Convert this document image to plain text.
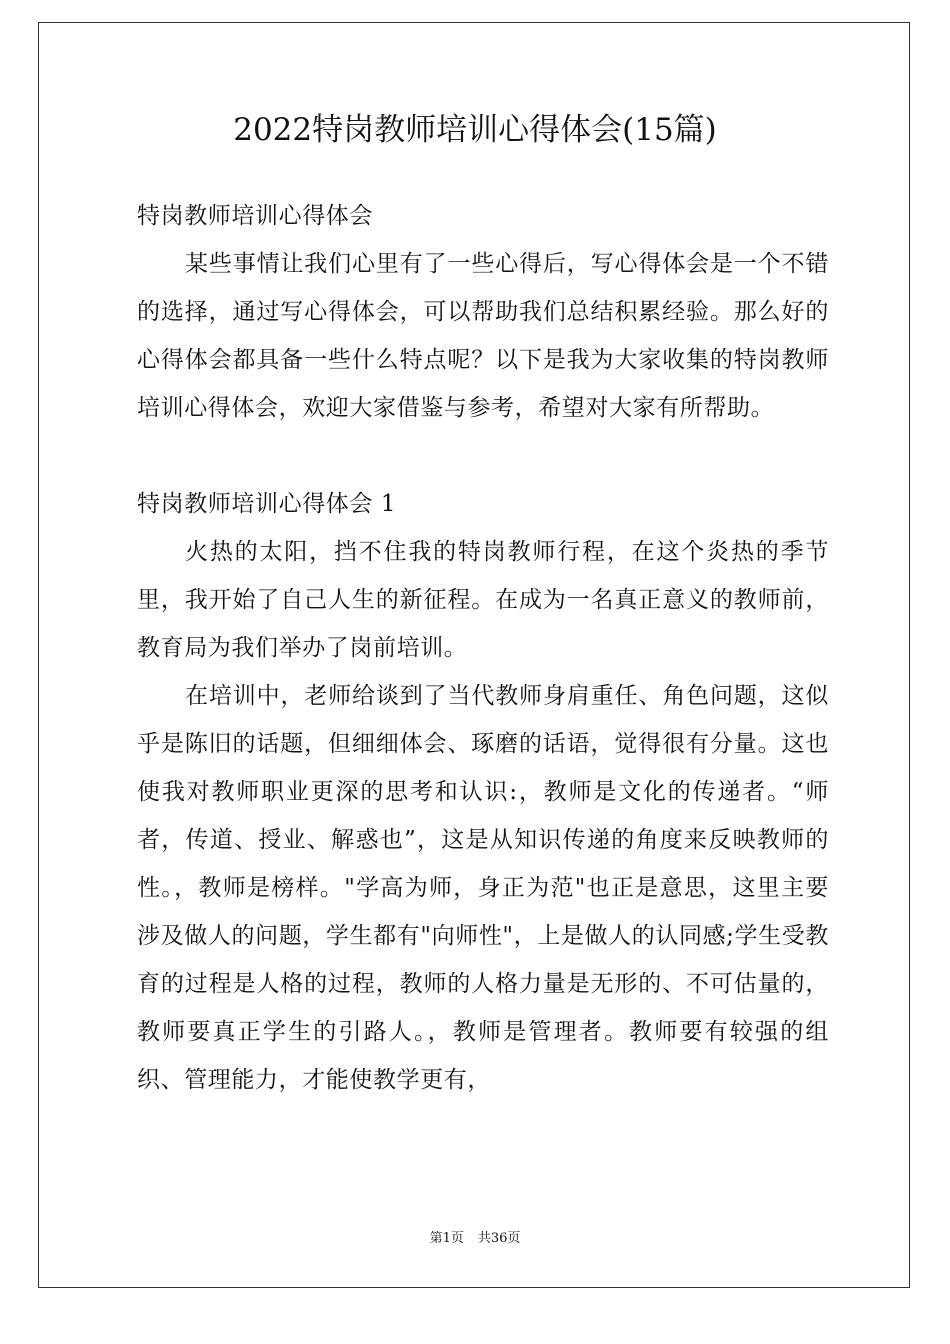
2022特岗教师培训心得体会(15篇)

特岗教师培训心得体会

某些事情让我们心里有了一些心得后，写心得体会是一个不错的选择，通过写心得体会，可以帮助我们总结积累经验。那么好的心得体会都具备一些什么特点呢？以下是我为大家收集的特岗教师培训心得体会，欢迎大家借鉴与参考，希望对大家有所帮助。

特岗教师培训心得体会 1

火热的太阳，挡不住我的特岗教师行程，在这个炎热的季节里，我开始了自己人生的新征程。在成为一名真正意义的教师前，教育局为我们举办了岗前培训。

在培训中，老师给谈到了当代教师身肩重任、角色问题，这似乎是陈旧的话题，但细细体会、琢磨的话语，觉得很有分量。这也使我对教师职业更深的思考和认识:，教师是文化的传递者。“师者，传道、授业、解惑也”，这是从知识传递的角度来反映教师的性。，教师是榜样。"学高为师，身正为范"也正是意思，这里主要涉及做人的问题，学生都有"向师性"，上是做人的认同感;学生受教育的过程是人格的过程，教师的人格力量是无形的、不可估量的，教师要真正学生的引路人。，教师是管理者。教师要有较强的组织、管理能力，才能使教学更有，

第1页 共36页
